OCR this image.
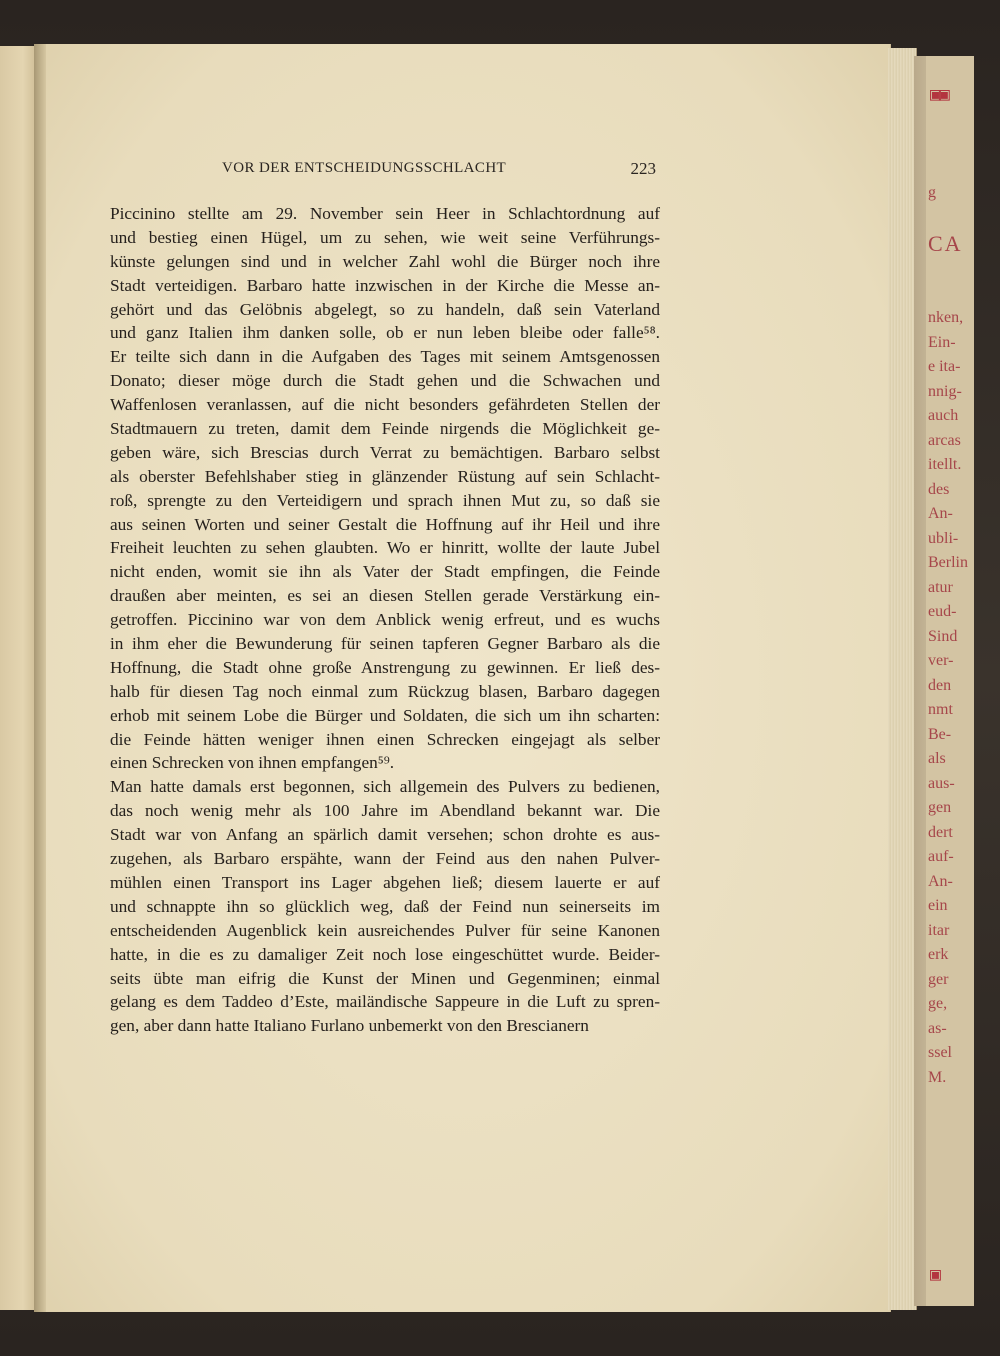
▣▣
g
CA
nken,
Ein-
e ita-
nnig-
auch
arcas
itellt.
des
An-
ubli-
Berlin
atur
eud-
Sind
ver-
den
nmt
Be-
als
aus-
gen
dert
auf-
An-
ein
itar
erk
ger
ge,
as-
ssel
M.
▣
VOR DER ENTSCHEIDUNGSSCHLACHT	223
Piccinino stellte am 29. November sein Heer in Schlachtordnung auf
und bestieg einen Hügel, um zu sehen, wie weit seine Verführungs-
künste gelungen sind und in welcher Zahl wohl die Bürger noch ihre
Stadt verteidigen. Barbaro hatte inzwischen in der Kirche die Messe an-
gehört und das Gelöbnis abgelegt, so zu handeln, daß sein Vaterland
und ganz Italien ihm danken solle, ob er nun leben bleibe oder falle⁵⁸.
Er teilte sich dann in die Aufgaben des Tages mit seinem Amtsgenossen
Donato; dieser möge durch die Stadt gehen und die Schwachen und
Waffenlosen veranlassen, auf die nicht besonders gefährdeten Stellen der
Stadtmauern zu treten, damit dem Feinde nirgends die Möglichkeit ge-
geben wäre, sich Brescias durch Verrat zu bemächtigen. Barbaro selbst
als oberster Befehlshaber stieg in glänzender Rüstung auf sein Schlacht-
roß, sprengte zu den Verteidigern und sprach ihnen Mut zu, so daß sie
aus seinen Worten und seiner Gestalt die Hoffnung auf ihr Heil und ihre
Freiheit leuchten zu sehen glaubten. Wo er hinritt, wollte der laute Jubel
nicht enden, womit sie ihn als Vater der Stadt empfingen, die Feinde
draußen aber meinten, es sei an diesen Stellen gerade Verstärkung ein-
getroffen. Piccinino war von dem Anblick wenig erfreut, und es wuchs
in ihm eher die Bewunderung für seinen tapferen Gegner Barbaro als die
Hoffnung, die Stadt ohne große Anstrengung zu gewinnen. Er ließ des-
halb für diesen Tag noch einmal zum Rückzug blasen, Barbaro dagegen
erhob mit seinem Lobe die Bürger und Soldaten, die sich um ihn scharten:
die Feinde hätten weniger ihnen einen Schrecken eingejagt als selber
einen Schrecken von ihnen empfangen⁵⁹.
Man hatte damals erst begonnen, sich allgemein des Pulvers zu bedienen,
das noch wenig mehr als 100 Jahre im Abendland bekannt war. Die
Stadt war von Anfang an spärlich damit versehen; schon drohte es aus-
zugehen, als Barbaro erspähte, wann der Feind aus den nahen Pulver-
mühlen einen Transport ins Lager abgehen ließ; diesem lauerte er auf
und schnappte ihn so glücklich weg, daß der Feind nun seinerseits im
entscheidenden Augenblick kein ausreichendes Pulver für seine Kanonen
hatte, in die es zu damaliger Zeit noch lose eingeschüttet wurde. Beider-
seits übte man eifrig die Kunst der Minen und Gegenminen; einmal
gelang es dem Taddeo d’Este, mailändische Sappeure in die Luft zu spren-
gen, aber dann hatte Italiano Furlano unbemerkt von den Brescianern
